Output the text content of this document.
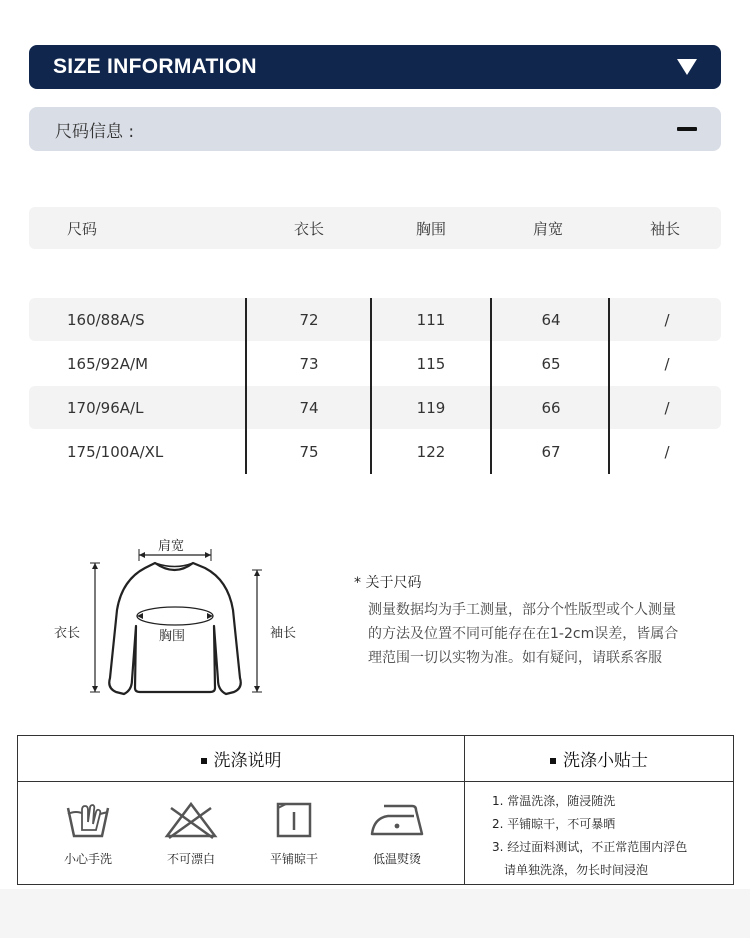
SIZE INFORMATION
尺码信息 :
尺码	衣长	胸围	肩宽	袖长
160/88A/S	72	111	64	/
165/92A/M	73	115	65	/
170/96A/L	74	119	66	/
175/100A/XL	75	122	67	/
肩宽
衣长	胸围	袖长
* 关于尺码
测量数据均为手工测量，部分个性版型或个人测量
的方法及位置不同可能存在在1-2cm误差，皆属合
理范围一切以实物为准。如有疑问，请联系客服
洗涤说明	洗涤小贴士
小心手洗	不可漂白	平铺晾干	低温熨烫
1. 常温洗涤，随浸随洗
2. 平铺晾干，不可暴晒
3. 经过面料测试，不正常范围内浮色
请单独洗涤，勿长时间浸泡
